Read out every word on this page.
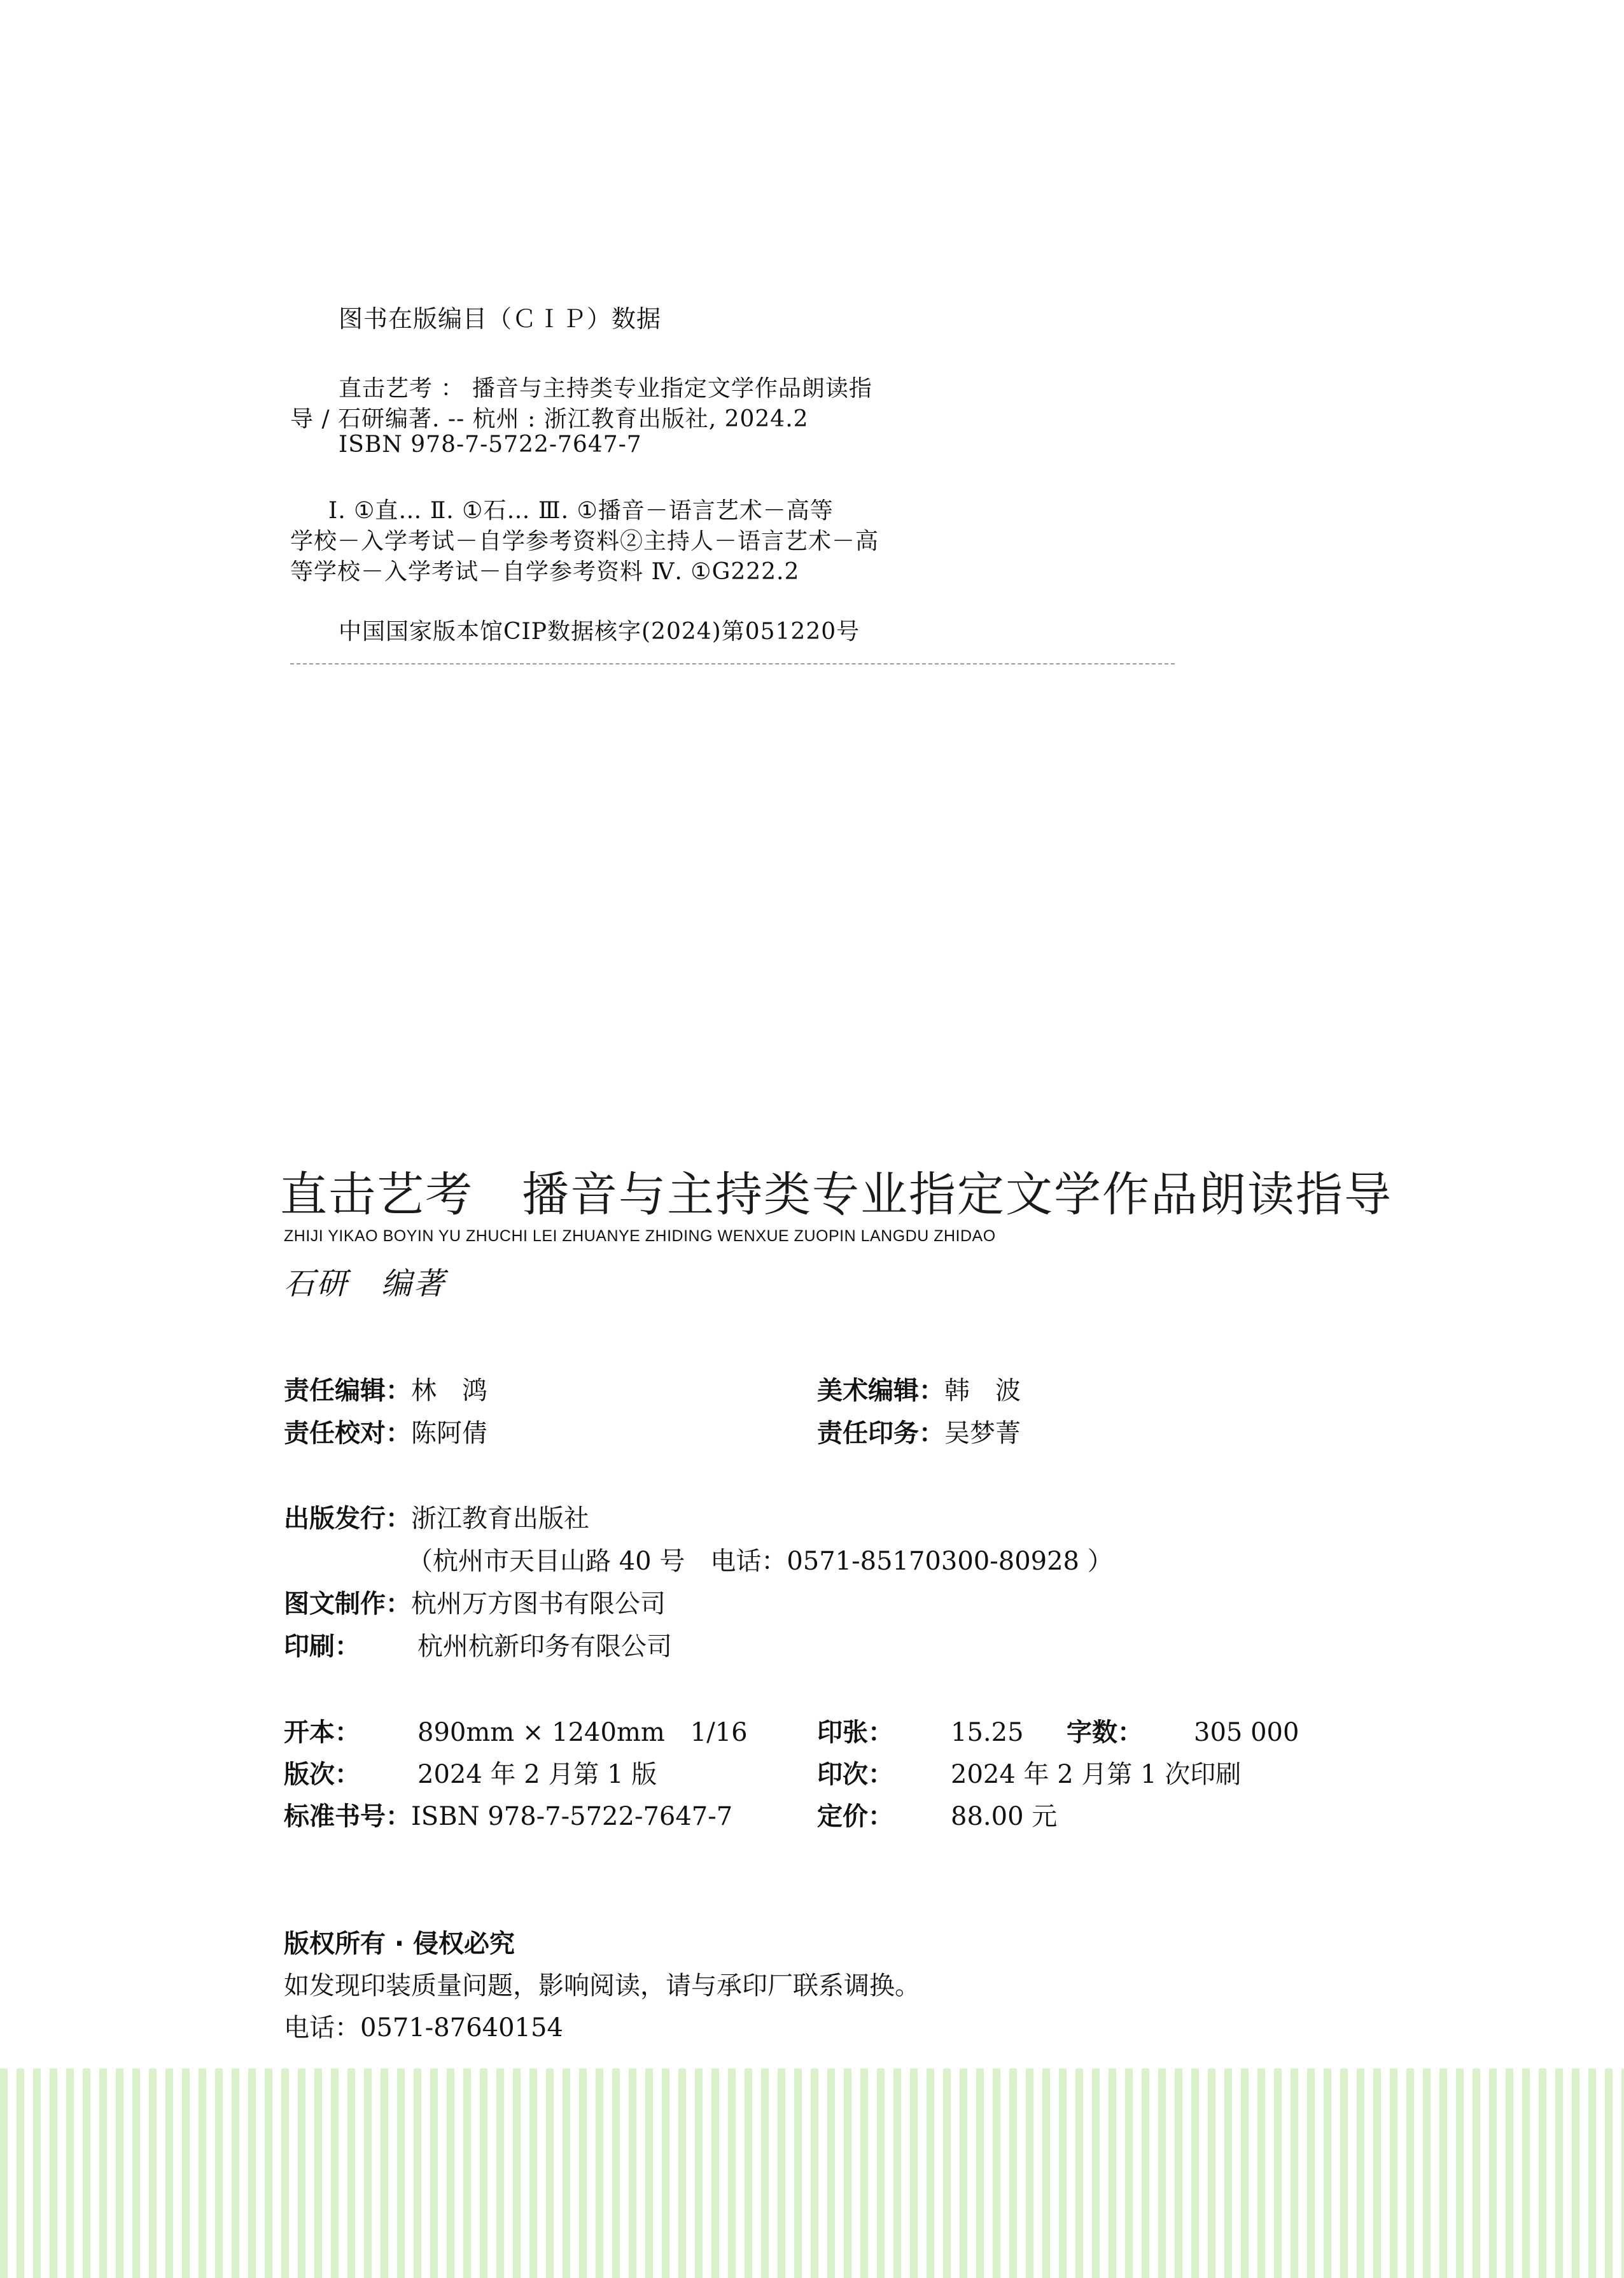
图书在版编目（ＣＩＰ）数据
直击艺考 ： 播音与主持类专业指定文学作品朗读指
导 / 石研编著. -- 杭州 : 浙江教育出版社, 2024.2
ISBN 978-7-5722-7647-7
Ⅰ. ①直… Ⅱ. ①石… Ⅲ. ①播音－语言艺术－高等
学校－入学考试－自学参考资料②主持人－语言艺术－高
等学校－入学考试－自学参考资料 Ⅳ. ①G222.2
中国国家版本馆CIP数据核字(2024)第051220号
直击艺考　播音与主持类专业指定文学作品朗读指导
ZHIJI YIKAO BOYIN YU ZHUCHI LEI ZHUANYE ZHIDING WENXUE ZUOPIN LANGDU ZHIDAO
石研　编著
责任编辑：林　鸿	美术编辑：韩　波
责任校对：陈阿倩	责任印务：吴梦菁
出版发行：浙江教育出版社
（杭州市天目山路 40 号　电话：0571-85170300-80928 ）
图文制作：杭州万方图书有限公司
印刷： 杭州杭新印务有限公司
开本： 890mm × 1240mm　1/16	印张： 15.25 字数： 305 000
版次： 2024 年 2 月第 1 版	印次： 2024 年 2 月第 1 次印刷
标准书号：ISBN 978-7-5722-7647-7	定价： 88.00 元
版权所有 · 侵权必究
如发现印装质量问题，影响阅读，请与承印厂联系调换。
电话：0571-87640154
